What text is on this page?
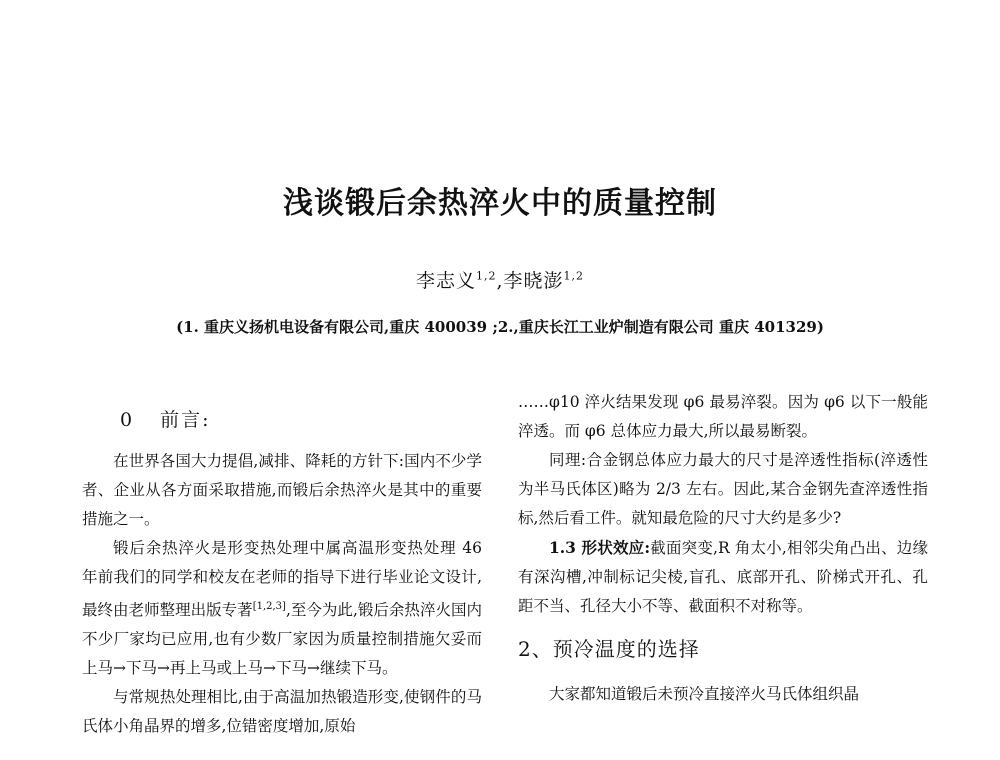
浅谈锻后余热淬火中的质量控制
李志义$^{1,2}$,李晓澎$^{1,2}$
(1. 重庆义扬机电设备有限公司,重庆 400039 ;2.,重庆长江工业炉制造有限公司 重庆 401329)
0 前言:

在世界各国大力提倡,减排、降耗的方针下:国内不少学者、企业从各方面采取措施,而锻后余热淬火是其中的重要措施之一。

锻后余热淬火是形变热处理中属高温形变热处理 46 年前我们的同学和校友在老师的指导下进行毕业论文设计,最终由老师整理出版专著[1,2,3],至今为此,锻后余热淬火国内不少厂家均已应用,也有少数厂家因为质量控制措施欠妥而上马→下马→再上马或上马→下马→继续下马。

与常规热处理相比,由于高温加热锻造形变,使钢件的马氏体小角晶界的增多,位错密度增加,原始

……φ10 淬火结果发现 φ6 最易淬裂。因为 φ6 以下一般能淬透。而 φ6 总体应力最大,所以最易断裂。

同理:合金钢总体应力最大的尺寸是淬透性指标(淬透性为半马氏体区)略为 2/3 左右。因此,某合金钢先查淬透性指标,然后看工件。就知最危险的尺寸大约是多少?

1.3 形状效应:截面突变,R 角太小,相邻尖角凸出、边缘有深沟槽,冲制标记尖棱,盲孔、底部开孔、阶梯式开孔、孔距不当、孔径大小不等、截面积不对称等。

2、预冷温度的选择

大家都知道锻后未预冷直接淬火马氏体组织晶
